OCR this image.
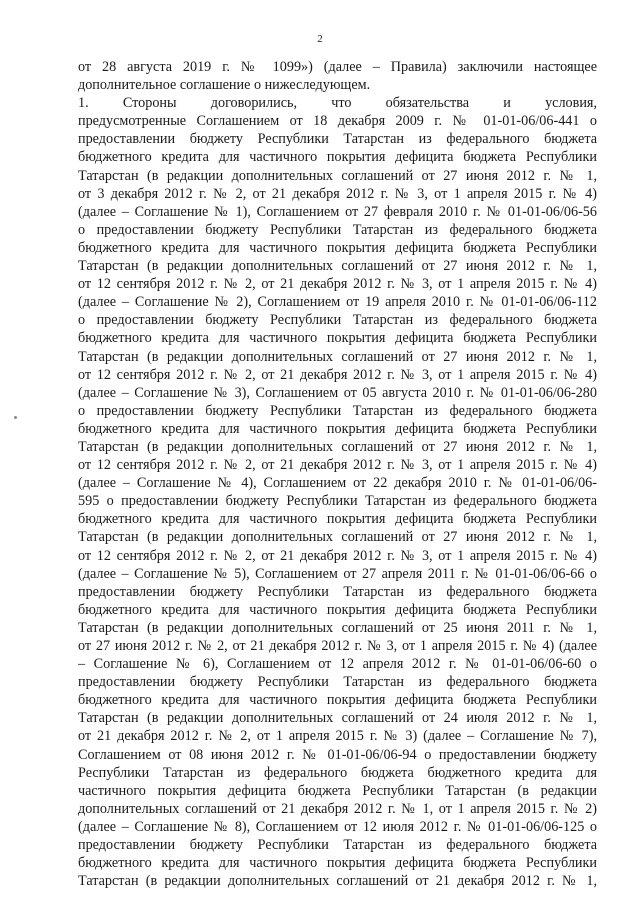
2
от 28 августа 2019 г. № 1099») (далее – Правила) заключили настоящее
дополнительное соглашение о нижеследующем.
1. Стороны договорились, что обязательства и условия,
предусмотренные Соглашением от 18 декабря 2009 г. № 01-01-06/06-441 о
предоставлении бюджету Республики Татарстан из федерального бюджета
бюджетного кредита для частичного покрытия дефицита бюджета Республики
Татарстан (в редакции дополнительных соглашений от 27 июня 2012 г. № 1,
от 3 декабря 2012 г. № 2, от 21 декабря 2012 г. № 3, от 1 апреля 2015 г. № 4)
(далее – Соглашение № 1), Соглашением от 27 февраля 2010 г. № 01-01-06/06-56
о предоставлении бюджету Республики Татарстан из федерального бюджета
бюджетного кредита для частичного покрытия дефицита бюджета Республики
Татарстан (в редакции дополнительных соглашений от 27 июня 2012 г. № 1,
от 12 сентября 2012 г. № 2, от 21 декабря 2012 г. № 3, от 1 апреля 2015 г. № 4)
(далее – Соглашение № 2), Соглашением от 19 апреля 2010 г. № 01-01-06/06-112
о предоставлении бюджету Республики Татарстан из федерального бюджета
бюджетного кредита для частичного покрытия дефицита бюджета Республики
Татарстан (в редакции дополнительных соглашений от 27 июня 2012 г. № 1,
от 12 сентября 2012 г. № 2, от 21 декабря 2012 г. № 3, от 1 апреля 2015 г. № 4)
(далее – Соглашение № 3), Соглашением от 05 августа 2010 г. № 01-01-06/06-280
о предоставлении бюджету Республики Татарстан из федерального бюджета
бюджетного кредита для частичного покрытия дефицита бюджета Республики
Татарстан (в редакции дополнительных соглашений от 27 июня 2012 г. № 1,
от 12 сентября 2012 г. № 2, от 21 декабря 2012 г. № 3, от 1 апреля 2015 г. № 4)
(далее – Соглашение № 4), Соглашением от 22 декабря 2010 г. № 01-01-06/06-
595 о предоставлении бюджету Республики Татарстан из федерального бюджета
бюджетного кредита для частичного покрытия дефицита бюджета Республики
Татарстан (в редакции дополнительных соглашений от 27 июня 2012 г. № 1,
от 12 сентября 2012 г. № 2, от 21 декабря 2012 г. № 3, от 1 апреля 2015 г. № 4)
(далее – Соглашение № 5), Соглашением от 27 апреля 2011 г. № 01-01-06/06-66 о
предоставлении бюджету Республики Татарстан из федерального бюджета
бюджетного кредита для частичного покрытия дефицита бюджета Республики
Татарстан (в редакции дополнительных соглашений от 25 июня 2011 г. № 1,
от 27 июня 2012 г. № 2, от 21 декабря 2012 г. № 3, от 1 апреля 2015 г. № 4) (далее
– Соглашение № 6), Соглашением от 12 апреля 2012 г. № 01-01-06/06-60 о
предоставлении бюджету Республики Татарстан из федерального бюджета
бюджетного кредита для частичного покрытия дефицита бюджета Республики
Татарстан (в редакции дополнительных соглашений от 24 июля 2012 г. № 1,
от 21 декабря 2012 г. № 2, от 1 апреля 2015 г. № 3) (далее – Соглашение № 7),
Соглашением от 08 июня 2012 г. № 01-01-06/06-94 о предоставлении бюджету
Республики Татарстан из федерального бюджета бюджетного кредита для
частичного покрытия дефицита бюджета Республики Татарстан (в редакции
дополнительных соглашений от 21 декабря 2012 г. № 1, от 1 апреля 2015 г. № 2)
(далее – Соглашение № 8), Соглашением от 12 июля 2012 г. № 01-01-06/06-125 о
предоставлении бюджету Республики Татарстан из федерального бюджета
бюджетного кредита для частичного покрытия дефицита бюджета Республики
Татарстан (в редакции дополнительных соглашений от 21 декабря 2012 г. № 1,
